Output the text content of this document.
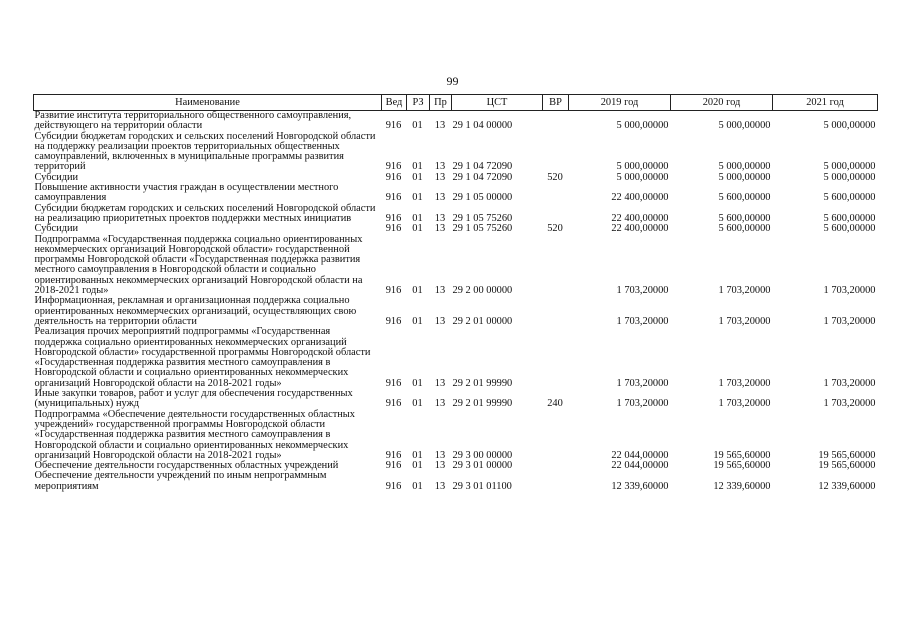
99
Наименование	Вед	РЗ	Пр	ЦСТ	ВР	2019 год	2020 год	2021 год
Развитие института территориального общественного самоуправления, действующего на территории области	916	01	13	29 1 04 00000		5 000,00000	5 000,00000	5 000,00000
Субсидии бюджетам городских и сельских поселений Новгородской области на поддержку реализации проектов территориальных общественных самоуправлений, включенных в муниципальные программы развития территорий	916	01	13	29 1 04 72090		5 000,00000	5 000,00000	5 000,00000
Субсидии	916	01	13	29 1 04 72090	520	5 000,00000	5 000,00000	5 000,00000
Повышение активности участия граждан в осуществлении местного самоуправления	916	01	13	29 1 05 00000		22 400,00000	5 600,00000	5 600,00000
Субсидии бюджетам городских и сельских поселений Новгородской области на реализацию приоритетных проектов поддержки местных инициатив	916	01	13	29 1 05 75260		22 400,00000	5 600,00000	5 600,00000
Субсидии	916	01	13	29 1 05 75260	520	22 400,00000	5 600,00000	5 600,00000
Подпрограмма «Государственная поддержка социально ориентированных некоммерческих организаций Новгородской области» государственной программы Новгородской области «Государственная поддержка развития местного самоуправления в Новгородской области и социально ориентированных некоммерческих организаций Новгородской области на 2018-2021 годы»	916	01	13	29 2 00 00000		1 703,20000	1 703,20000	1 703,20000
Информационная, рекламная и организационная поддержка социально ориентированных некоммерческих организаций, осуществляющих свою деятельность на территории области	916	01	13	29 2 01 00000		1 703,20000	1 703,20000	1 703,20000
Реализация прочих мероприятий подпрограммы «Государственная поддержка социально ориентированных некоммерческих организаций Новгородской области» государственной программы Новгородской области «Государственная поддержка развития местного самоуправления в Новгородской области и социально ориентированных некоммерческих организаций Новгородской области на 2018-2021 годы»	916	01	13	29 2 01 99990		1 703,20000	1 703,20000	1 703,20000
Иные закупки товаров, работ и услуг для обеспечения государственных (муниципальных) нужд	916	01	13	29 2 01 99990	240	1 703,20000	1 703,20000	1 703,20000
Подпрограмма «Обеспечение деятельности государственных областных учреждений» государственной программы Новгородской области «Государственная поддержка развития местного самоуправления в Новгородской области и социально ориентированных некоммерческих организаций Новгородской области на 2018-2021 годы»	916	01	13	29 3 00 00000		22 044,00000	19 565,60000	19 565,60000
Обеспечение деятельности государственных областных учреждений	916	01	13	29 3 01 00000		22 044,00000	19 565,60000	19 565,60000
Обеспечение деятельности учреждений по иным непрограммным мероприятиям	916	01	13	29 3 01 01100		12 339,60000	12 339,60000	12 339,60000
